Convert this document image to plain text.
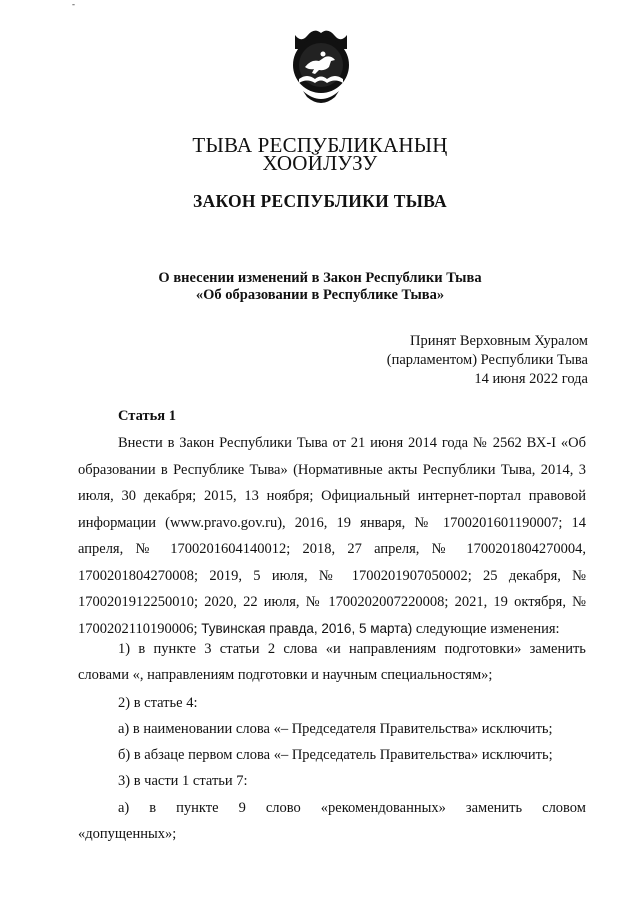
-
ТЫВА РЕСПУБЛИКАНЫҢ
ХООЙЛУЗУ
ЗАКОН РЕСПУБЛИКИ ТЫВА
О внесении изменений в Закон Республики Тыва
«Об образовании в Республике Тыва»
Принят Верховным Хуралом
(парламентом) Республики Тыва
14 июня 2022 года
Статья 1
Внести в Закон Республики Тыва от 21 июня 2014 года № 2562 ВХ-I «Об образовании в Республике Тыва» (Нормативные акты Республики Тыва, 2014, 3 июля, 30 декабря; 2015, 13 ноября; Официальный интернет-портал правовой информации (www.pravo.gov.ru), 2016, 19 января, № 1700201601190007; 14 апреля, № 1700201604140012; 2018, 27 апреля, № 1700201804270004, 1700201804270008; 2019, 5 июля, № 1700201907050002; 25 декабря, № 1700201912250010; 2020, 22 июля, № 1700202007220008; 2021, 19 октября, № 1700202110190006; Тувинская правда, 2016, 5 марта) следующие изменения:
1) в пункте 3 статьи 2 слова «и направлениям подготовки» заменить
словами «, направлениям подготовки и научным специальностям»;
2) в статье 4:
а) в наименовании слова «– Председателя Правительства» исключить;
б) в абзаце первом слова «– Председатель Правительства» исключить;
3) в части 1 статьи 7:
а) в пункте 9 слово «рекомендованных» заменить словом
«допущенных»;
